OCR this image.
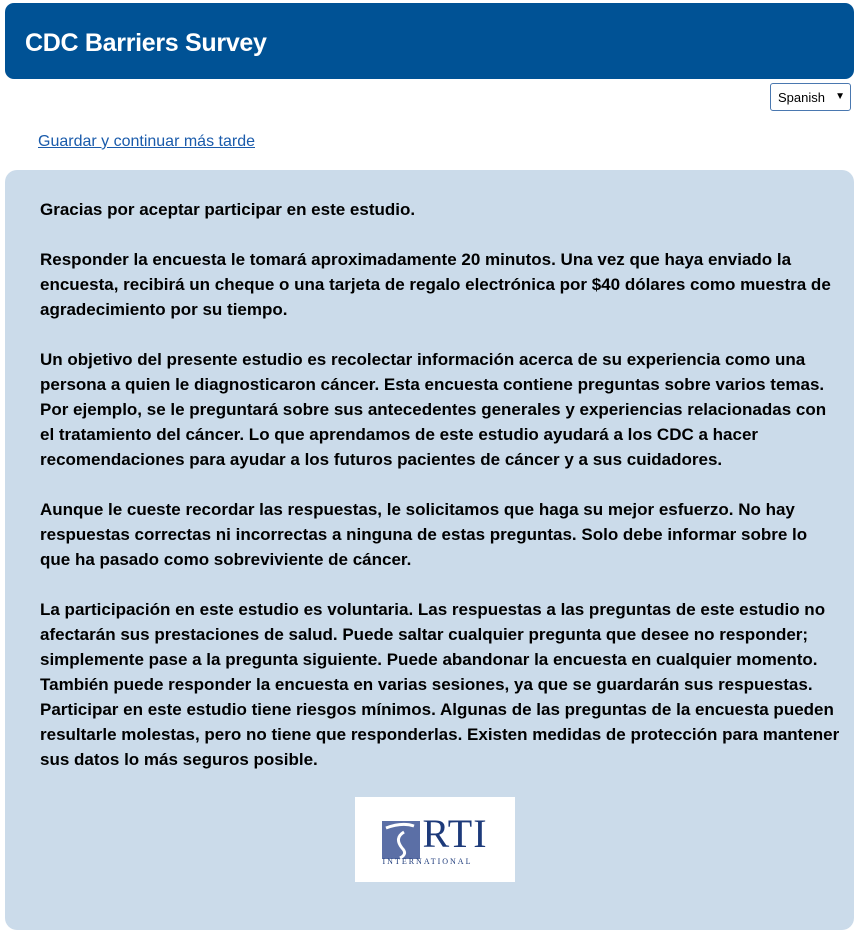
CDC Barriers Survey
Spanish ▼
Guardar y continuar más tarde

Gracias por aceptar participar en este estudio.

Responder la encuesta le tomará aproximadamente 20 minutos. Una vez que haya enviado la encuesta, recibirá un cheque o una tarjeta de regalo electrónica por $40 dólares como muestra de agradecimiento por su tiempo.

Un objetivo del presente estudio es recolectar información acerca de su experiencia como una persona a quien le diagnosticaron cáncer. Esta encuesta contiene preguntas sobre varios temas. Por ejemplo, se le preguntará sobre sus antecedentes generales y experiencias relacionadas con el tratamiento del cáncer. Lo que aprendamos de este estudio ayudará a los CDC a hacer recomendaciones para ayudar a los futuros pacientes de cáncer y a sus cuidadores.

Aunque le cueste recordar las respuestas, le solicitamos que haga su mejor esfuerzo. No hay respuestas correctas ni incorrectas a ninguna de estas preguntas. Solo debe informar sobre lo que ha pasado como sobreviviente de cáncer.

La participación en este estudio es voluntaria. Las respuestas a las preguntas de este estudio no afectarán sus prestaciones de salud. Puede saltar cualquier pregunta que desee no responder; simplemente pase a la pregunta siguiente. Puede abandonar la encuesta en cualquier momento. También puede responder la encuesta en varias sesiones, ya que se guardarán sus respuestas. Participar en este estudio tiene riesgos mínimos. Algunas de las preguntas de la encuesta pueden resultarle molestas, pero no tiene que responderlas. Existen medidas de protección para mantener sus datos lo más seguros posible.

RTI
INTERNATIONAL
